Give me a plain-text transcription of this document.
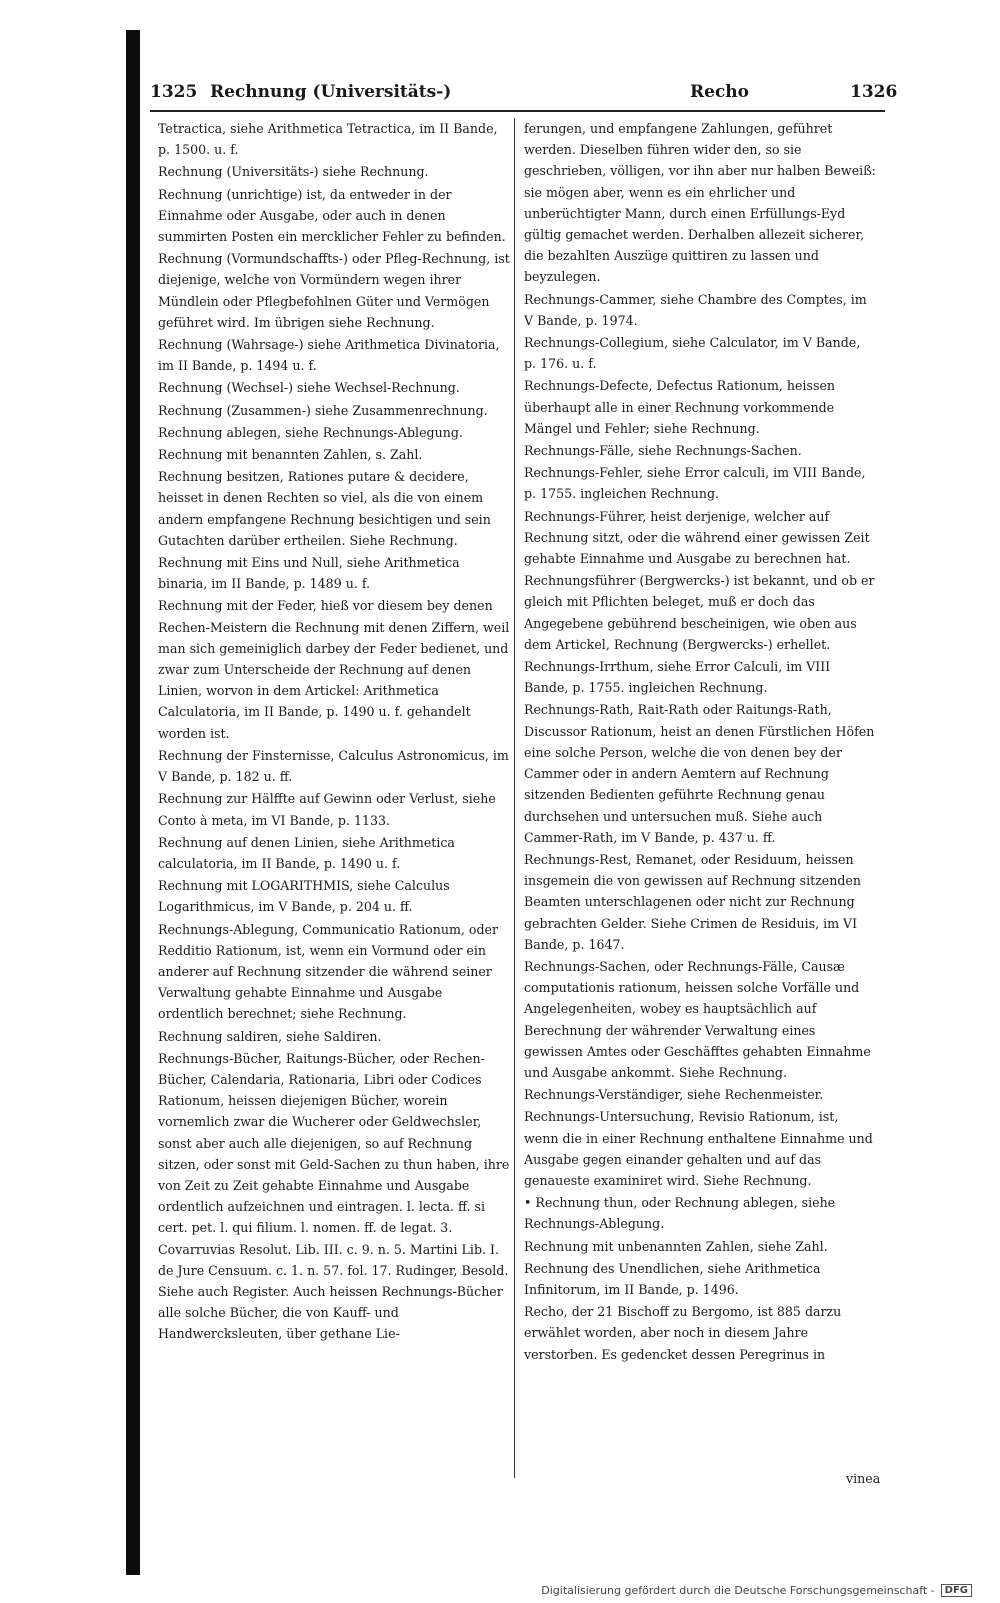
1325 Rechnung (Universitäts-)	Recho	1326

Tetractica, siehe Arithmetica Tetractica, im II Bande, p. 1500. u. f.

Rechnung (Universitäts-) siehe Rechnung.

Rechnung (unrichtige) ist, da entweder in der Einnahme oder Ausgabe, oder auch in denen summirten Posten ein mercklicher Fehler zu befinden.

Rechnung (Vormundschaffts-) oder Pfleg-Rechnung, ist diejenige, welche von Vormündern wegen ihrer Mündlein oder Pflegbefohlnen Güter und Vermögen geführet wird. Im übrigen siehe Rechnung.

Rechnung (Wahrsage-) siehe Arithmetica Divinatoria, im II Bande, p. 1494 u. f.

Rechnung (Wechsel-) siehe Wechsel-Rechnung.

Rechnung (Zusammen-) siehe Zusammenrechnung.

Rechnung ablegen, siehe Rechnungs-Ablegung.

Rechnung mit benannten Zahlen, s. Zahl.

Rechnung besitzen, Rationes putare & decidere, heisset in denen Rechten so viel, als die von einem andern empfangene Rechnung besichtigen und sein Gutachten darüber ertheilen. Siehe Rechnung.

Rechnung mit Eins und Null, siehe Arithmetica binaria, im II Bande, p. 1489 u. f.

Rechnung mit der Feder, hieß vor diesem bey denen Rechen-Meistern die Rechnung mit denen Ziffern, weil man sich gemeiniglich darbey der Feder bedienet, und zwar zum Unterscheide der Rechnung auf denen Linien, worvon in dem Artickel: Arithmetica Calculatoria, im II Bande, p. 1490 u. f. gehandelt worden ist.

Rechnung der Finsternisse, Calculus Astronomicus, im V Bande, p. 182 u. ff.

Rechnung zur Hälffte auf Gewinn oder Verlust, siehe Conto à meta, im VI Bande, p. 1133.

Rechnung auf denen Linien, siehe Arithmetica calculatoria, im II Bande, p. 1490 u. f.

Rechnung mit LOGARITHMIS, siehe Calculus Logarithmicus, im V Bande, p. 204 u. ff.

Rechnungs-Ablegung, Communicatio Rationum, oder Redditio Rationum, ist, wenn ein Vormund oder ein anderer auf Rechnung sitzender die während seiner Verwaltung gehabte Einnahme und Ausgabe ordentlich berechnet; siehe Rechnung.

Rechnung saldiren, siehe Saldiren.

Rechnungs-Bücher, Raitungs-Bücher, oder Rechen-Bücher, Calendaria, Rationaria, Libri oder Codices Rationum, heissen diejenigen Bücher, worein vornemlich zwar die Wucherer oder Geldwechsler, sonst aber auch alle diejenigen, so auf Rechnung sitzen, oder sonst mit Geld-Sachen zu thun haben, ihre von Zeit zu Zeit gehabte Einnahme und Ausgabe ordentlich aufzeichnen und eintragen. l. lecta. ff. si cert. pet. l. qui filium. l. nomen. ff. de legat. 3. Covarruvias Resolut. Lib. III. c. 9. n. 5. Martini Lib. I. de Jure Censuum. c. 1. n. 57. fol. 17. Rudinger, Besold. Siehe auch Register. Auch heissen Rechnungs-Bücher alle solche Bücher, die von Kauff- und Handwercksleuten, über gethane Lie-

ferungen, und empfangene Zahlungen, geführet werden. Dieselben führen wider den, so sie geschrieben, völligen, vor ihn aber nur halben Beweiß: sie mögen aber, wenn es ein ehrlicher und unberüchtigter Mann, durch einen Erfüllungs-Eyd gültig gemachet werden. Derhalben allezeit sicherer, die bezahlten Auszüge quittiren zu lassen und beyzulegen.

Rechnungs-Cammer, siehe Chambre des Comptes, im V Bande, p. 1974.

Rechnungs-Collegium, siehe Calculator, im V Bande, p. 176. u. f.

Rechnungs-Defecte, Defectus Rationum, heissen überhaupt alle in einer Rechnung vorkommende Mängel und Fehler; siehe Rechnung.

Rechnungs-Fälle, siehe Rechnungs-Sachen.

Rechnungs-Fehler, siehe Error calculi, im VIII Bande, p. 1755. ingleichen Rechnung.

Rechnungs-Führer, heist derjenige, welcher auf Rechnung sitzt, oder die während einer gewissen Zeit gehabte Einnahme und Ausgabe zu berechnen hat.

Rechnungsführer (Bergwercks-) ist bekannt, und ob er gleich mit Pflichten beleget, muß er doch das Angegebene gebührend bescheinigen, wie oben aus dem Artickel, Rechnung (Bergwercks-) erhellet.

Rechnungs-Irrthum, siehe Error Calculi, im VIII Bande, p. 1755. ingleichen Rechnung.

Rechnungs-Rath, Rait-Rath oder Raitungs-Rath, Discussor Rationum, heist an denen Fürstlichen Höfen eine solche Person, welche die von denen bey der Cammer oder in andern Aemtern auf Rechnung sitzenden Bedienten geführte Rechnung genau durchsehen und untersuchen muß. Siehe auch Cammer-Rath, im V Bande, p. 437 u. ff.

Rechnungs-Rest, Remanet, oder Residuum, heissen insgemein die von gewissen auf Rechnung sitzenden Beamten unterschlagenen oder nicht zur Rechnung gebrachten Gelder. Siehe Crimen de Residuis, im VI Bande, p. 1647.

Rechnungs-Sachen, oder Rechnungs-Fälle, Causæ computationis rationum, heissen solche Vorfälle und Angelegenheiten, wobey es hauptsächlich auf Berechnung der währender Verwaltung eines gewissen Amtes oder Geschäfftes gehabten Einnahme und Ausgabe ankommt. Siehe Rechnung.

Rechnungs-Verständiger, siehe Rechenmeister.

Rechnungs-Untersuchung, Revisio Rationum, ist, wenn die in einer Rechnung enthaltene Einnahme und Ausgabe gegen einander gehalten und auf das genaueste examiniret wird. Siehe Rechnung.

• Rechnung thun, oder Rechnung ablegen, siehe Rechnungs-Ablegung.

Rechnung mit unbenannten Zahlen, siehe Zahl.

Rechnung des Unendlichen, siehe Arithmetica Infinitorum, im II Bande, p. 1496.

Recho, der 21 Bischoff zu Bergomo, ist 885 darzu erwählet worden, aber noch in diesem Jahre verstorben. Es gedencket dessen Peregrinus in

vinea
Digitalisierung gefördert durch die Deutsche Forschungsgemeinschaft -	DFG
